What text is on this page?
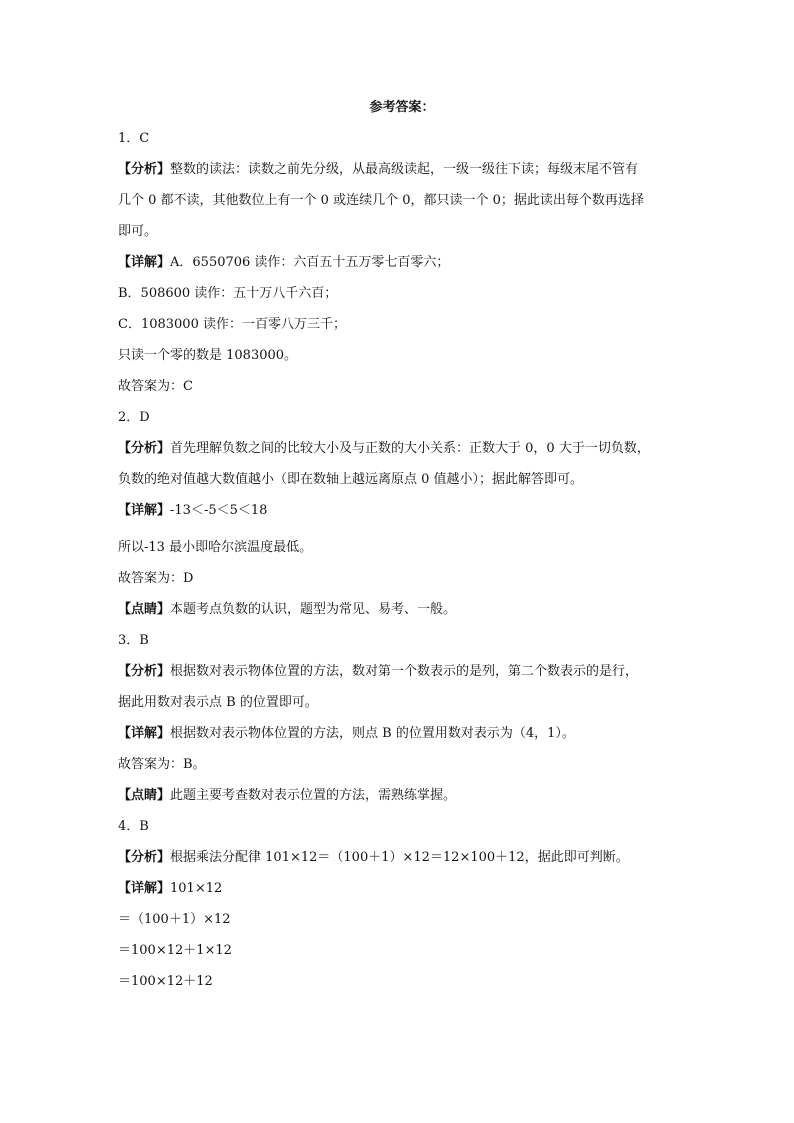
参考答案：
1．C
【分析】整数的读法：读数之前先分级，从最高级读起，一级一级往下读；每级末尾不管有
几个 0 都不读，其他数位上有一个 0 或连续几个 0，都只读一个 0；据此读出每个数再选择
即可。
【详解】A．6550706 读作：六百五十五万零七百零六；
B．508600 读作：五十万八千六百；
C．1083000 读作：一百零八万三千；
只读一个零的数是 1083000。
故答案为：C
2．D
【分析】首先理解负数之间的比较大小及与正数的大小关系：正数大于 0，0 大于一切负数，
负数的绝对值越大数值越小（即在数轴上越远离原点 0 值越小）；据此解答即可。
【详解】-13＜-5＜5＜18
所以-13 最小即哈尔滨温度最低。
故答案为：D
【点睛】本题考点负数的认识，题型为常见、易考、一般。
3．B
【分析】根据数对表示物体位置的方法，数对第一个数表示的是列，第二个数表示的是行，
据此用数对表示点 B 的位置即可。
【详解】根据数对表示物体位置的方法，则点 B 的位置用数对表示为（4，1）。
故答案为：B。
【点睛】此题主要考查数对表示位置的方法，需熟练掌握。
4．B
【分析】根据乘法分配律 101×12＝（100＋1）×12＝12×100＋12，据此即可判断。
【详解】101×12
＝（100＋1）×12
＝100×12＋1×12
＝100×12＋12
